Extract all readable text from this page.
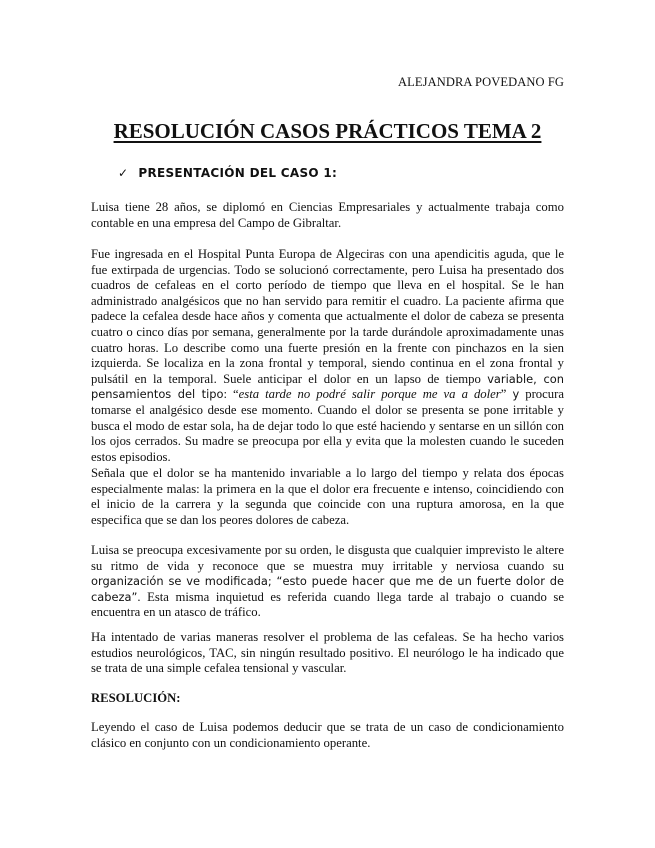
ALEJANDRA POVEDANO FG
RESOLUCIÓN CASOS PRÁCTICOS TEMA 2
✓ PRESENTACIÓN DEL CASO 1:

Luisa tiene 28 años, se diplomó en Ciencias Empresariales y actualmente trabaja como contable en una empresa del Campo de Gibraltar.

Fue ingresada en el Hospital Punta Europa de Algeciras con una apendicitis aguda, que le fue extirpada de urgencias. Todo se solucionó correctamente, pero Luisa ha presentado dos cuadros de cefaleas en el corto período de tiempo que lleva en el hospital. Se le han administrado analgésicos que no han servido para remitir el cuadro. La paciente afirma que padece la cefalea desde hace años y comenta que actualmente el dolor de cabeza se presenta cuatro o cinco días por semana, generalmente por la tarde durándole aproximadamente unas cuatro horas. Lo describe como una fuerte presión en la frente con pinchazos en la sien izquierda. Se localiza en la zona frontal y temporal, siendo continua en el zona frontal y pulsátil en la temporal. Suele anticipar el dolor en un lapso de tiempo variable, con pensamientos del tipo: “esta tarde no podré salir porque me va a doler” y procura tomarse el analgésico desde ese momento. Cuando el dolor se presenta se pone irritable y busca el modo de estar sola, ha de dejar todo lo que esté haciendo y sentarse en un sillón con los ojos cerrados. Su madre se preocupa por ella y evita que la molesten cuando le suceden estos episodios.

Señala que el dolor se ha mantenido invariable a lo largo del tiempo y relata dos épocas especialmente malas: la primera en la que el dolor era frecuente e intenso, coincidiendo con el inicio de la carrera y la segunda que coincide con una ruptura amorosa, en la que especifica que se dan los peores dolores de cabeza.

Luisa se preocupa excesivamente por su orden, le disgusta que cualquier imprevisto le altere su ritmo de vida y reconoce que se muestra muy irritable y nerviosa cuando su organización se ve modificada; “esto puede hacer que me de un fuerte dolor de cabeza”. Esta misma inquietud es referida cuando llega tarde al trabajo o cuando se encuentra en un atasco de tráfico.

Ha intentado de varias maneras resolver el problema de las cefaleas. Se ha hecho varios estudios neurológicos, TAC, sin ningún resultado positivo. El neurólogo le ha indicado que se trata de una simple cefalea tensional y vascular.

RESOLUCIÓN:

Leyendo el caso de Luisa podemos deducir que se trata de un caso de condicionamiento clásico en conjunto con un condicionamiento operante.
